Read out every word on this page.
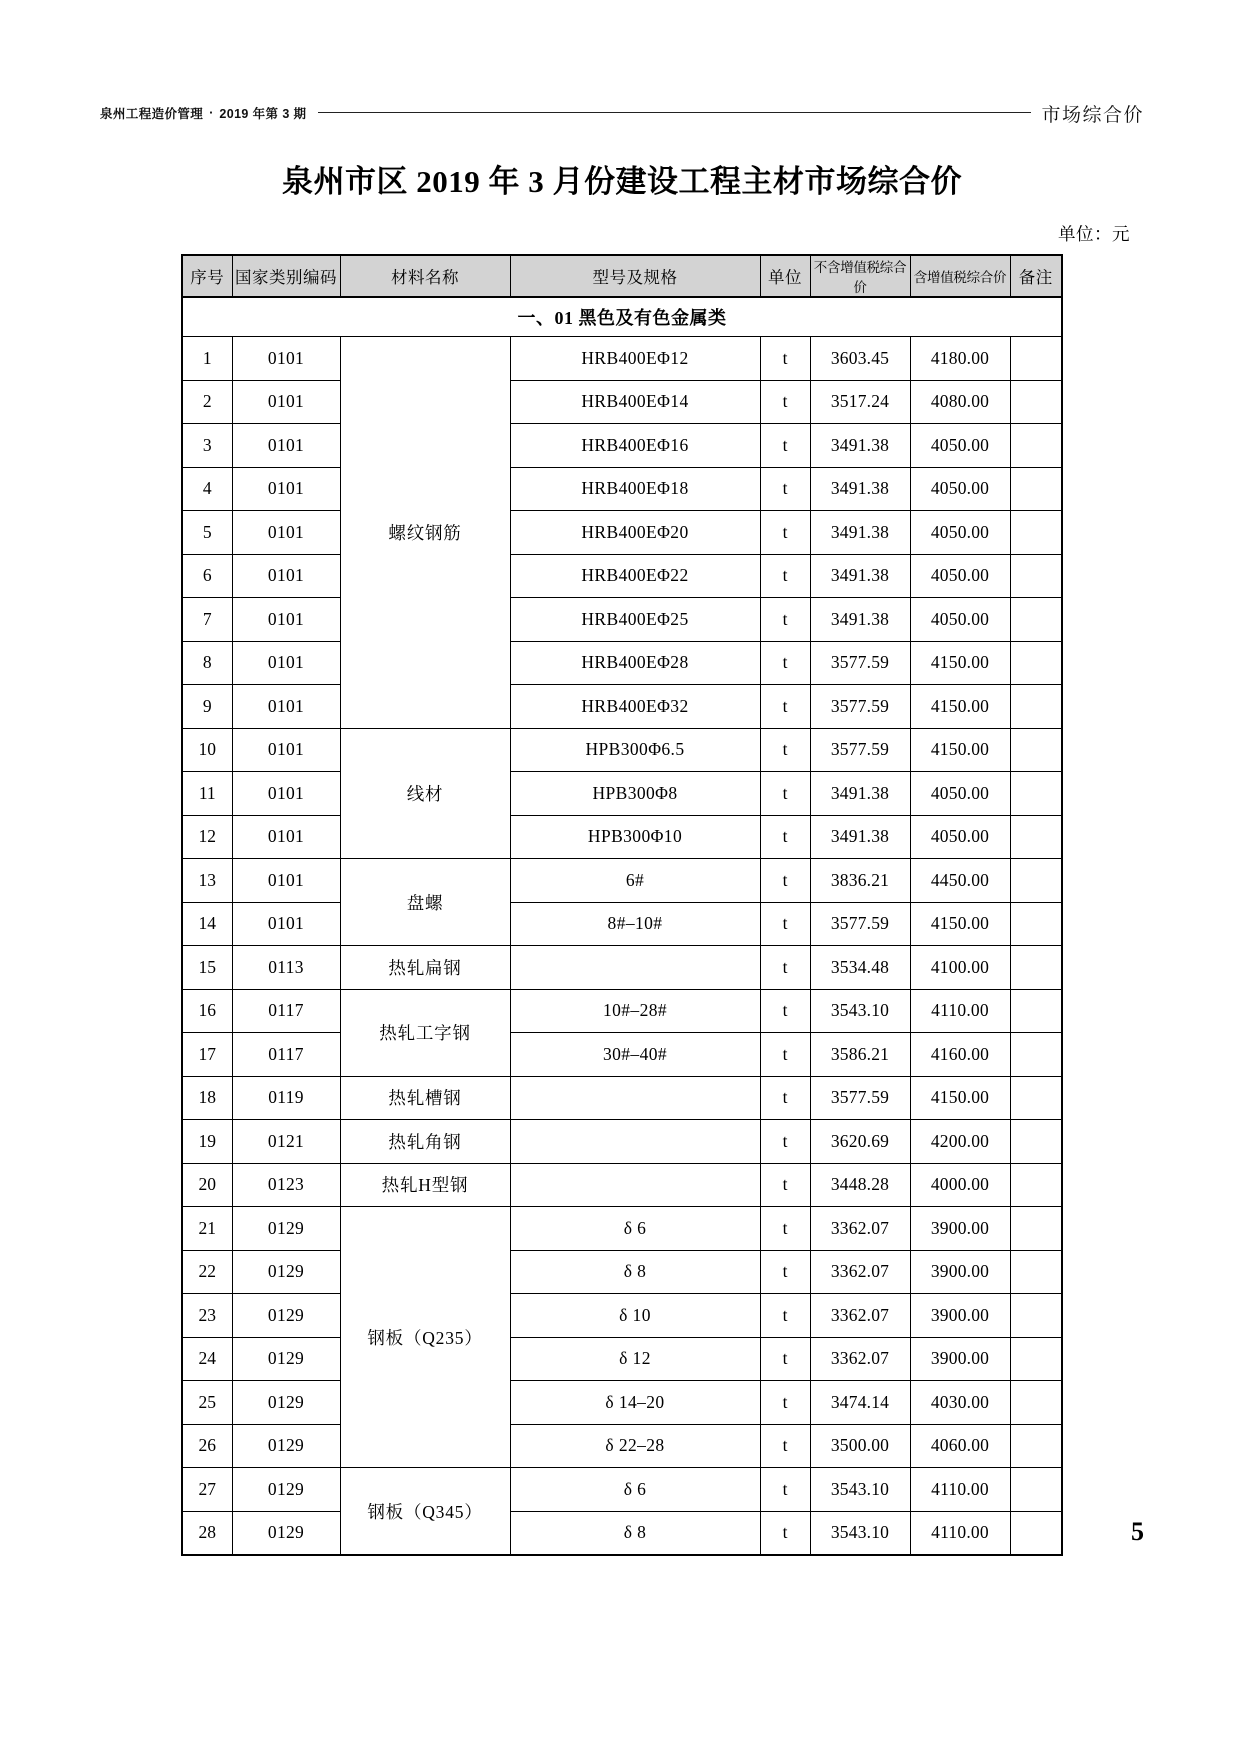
泉州工程造价管理 · 2019 年第 3 期	市场综合价
泉州市区 2019 年 3 月份建设工程主材市场综合价
单位：元
序号	国家类别编码	材料名称	型号及规格	单位	不含增值税综合价	含增值税综合价	备注
一、01 黑色及有色金属类							
1	0101	螺纹钢筋	HRB400EΦ12	t	3603.45	4180.00	
2	0101		HRB400EΦ14	t	3517.24	4080.00	
3	0101		HRB400EΦ16	t	3491.38	4050.00	
4	0101		HRB400EΦ18	t	3491.38	4050.00	
5	0101		HRB400EΦ20	t	3491.38	4050.00	
6	0101		HRB400EΦ22	t	3491.38	4050.00	
7	0101		HRB400EΦ25	t	3491.38	4050.00	
8	0101		HRB400EΦ28	t	3577.59	4150.00	
9	0101		HRB400EΦ32	t	3577.59	4150.00	
10	0101	线材	HPB300Φ6.5	t	3577.59	4150.00	
11	0101		HPB300Φ8	t	3491.38	4050.00	
12	0101		HPB300Φ10	t	3491.38	4050.00	
13	0101	盘螺	6#	t	3836.21	4450.00	
14	0101		8#–10#	t	3577.59	4150.00	
15	0113	热轧扁钢		t	3534.48	4100.00	
16	0117	热轧工字钢	10#–28#	t	3543.10	4110.00	
17	0117		30#–40#	t	3586.21	4160.00	
18	0119	热轧槽钢		t	3577.59	4150.00	
19	0121	热轧角钢		t	3620.69	4200.00	
20	0123	热轧H型钢		t	3448.28	4000.00	
21	0129	钢板（Q235）	δ 6	t	3362.07	3900.00	
22	0129		δ 8	t	3362.07	3900.00	
23	0129		δ 10	t	3362.07	3900.00	
24	0129		δ 12	t	3362.07	3900.00	
25	0129		δ 14–20	t	3474.14	4030.00	
26	0129		δ 22–28	t	3500.00	4060.00	
27	0129	钢板（Q345）	δ 6	t	3543.10	4110.00	
28	0129		δ 8	t	3543.10	4110.00		5
